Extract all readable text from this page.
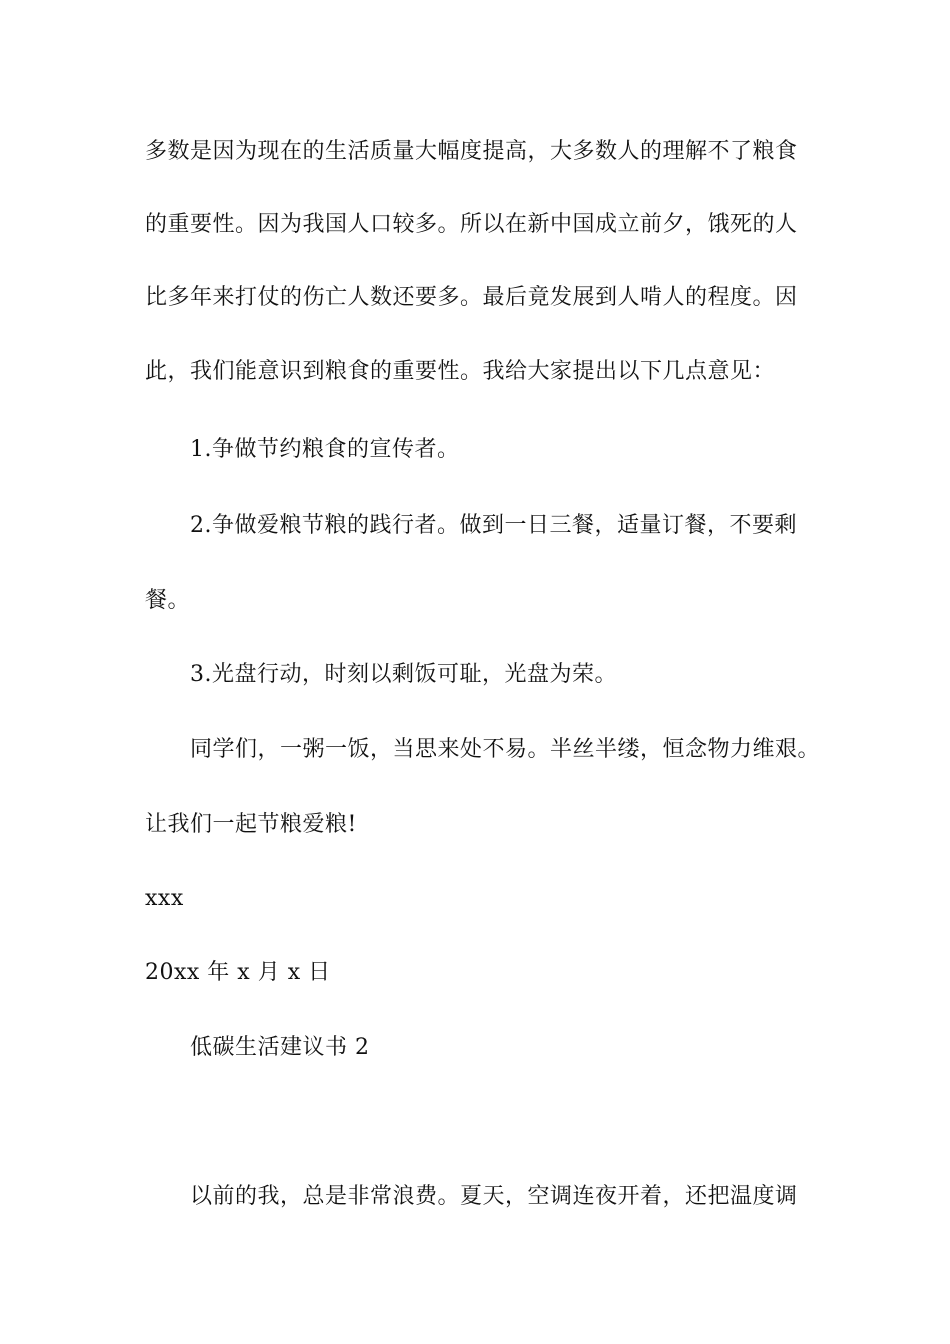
多数是因为现在的生活质量大幅度提高，大多数人的理解不了粮食
的重要性。因为我国人口较多。所以在新中国成立前夕，饿死的人
比多年来打仗的伤亡人数还要多。最后竟发展到人啃人的程度。因
此，我们能意识到粮食的重要性。我给大家提出以下几点意见：
1.争做节约粮食的宣传者。
2.争做爱粮节粮的践行者。做到一日三餐，适量订餐，不要剩
餐。
3.光盘行动，时刻以剩饭可耻，光盘为荣。
同学们，一粥一饭，当思来处不易。半丝半缕，恒念物力维艰。
让我们一起节粮爱粮!
xxx
20xx 年 x 月 x 日
低碳生活建议书 2
以前的我，总是非常浪费。夏天，空调连夜开着，还把温度调
